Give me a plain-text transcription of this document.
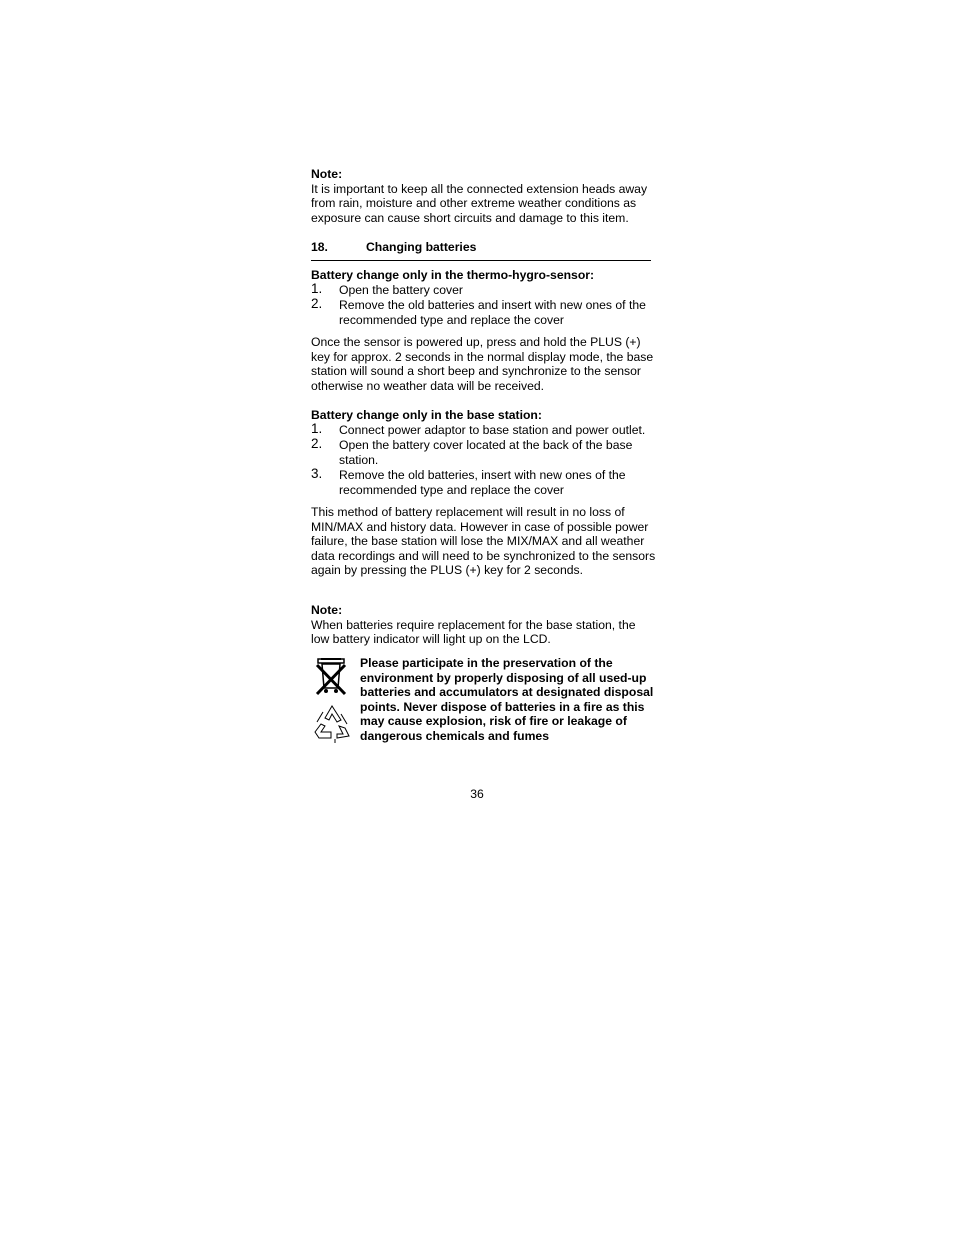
Note:

It is important to keep all the connected extension heads away from rain, moisture and other extreme weather conditions as exposure can cause short circuits and damage to this item.

18.	Changing batteries

Battery change only in the thermo-hygro-sensor:

1. Open the battery cover
2. Remove the old batteries and insert with new ones of the recommended type and replace the cover

Once the sensor is powered up, press and hold the PLUS (+) key for approx. 2 seconds in the normal display mode, the base station will sound a short beep and synchronize to the sensor otherwise no weather data will be received.

Battery change only in the base station:

1. Connect power adaptor to base station and power outlet.
2. Open the battery cover located at the back of the base station.
3. Remove the old batteries, insert with new ones of the recommended type and replace the cover

This method of battery replacement will result in no loss of MIN/MAX and history data. However in case of possible power failure, the base station will lose the MIX/MAX and all weather data recordings and will need to be synchronized to the sensors again by pressing the PLUS (+) key for 2 seconds.

Note:

When batteries require replacement for the base station, the low battery indicator will light up on the LCD.

Please participate in the preservation of the environment by properly disposing of all used-up batteries and accumulators at designated disposal points. Never dispose of batteries in a fire as this may cause explosion, risk of fire or leakage of dangerous chemicals and fumes
36
